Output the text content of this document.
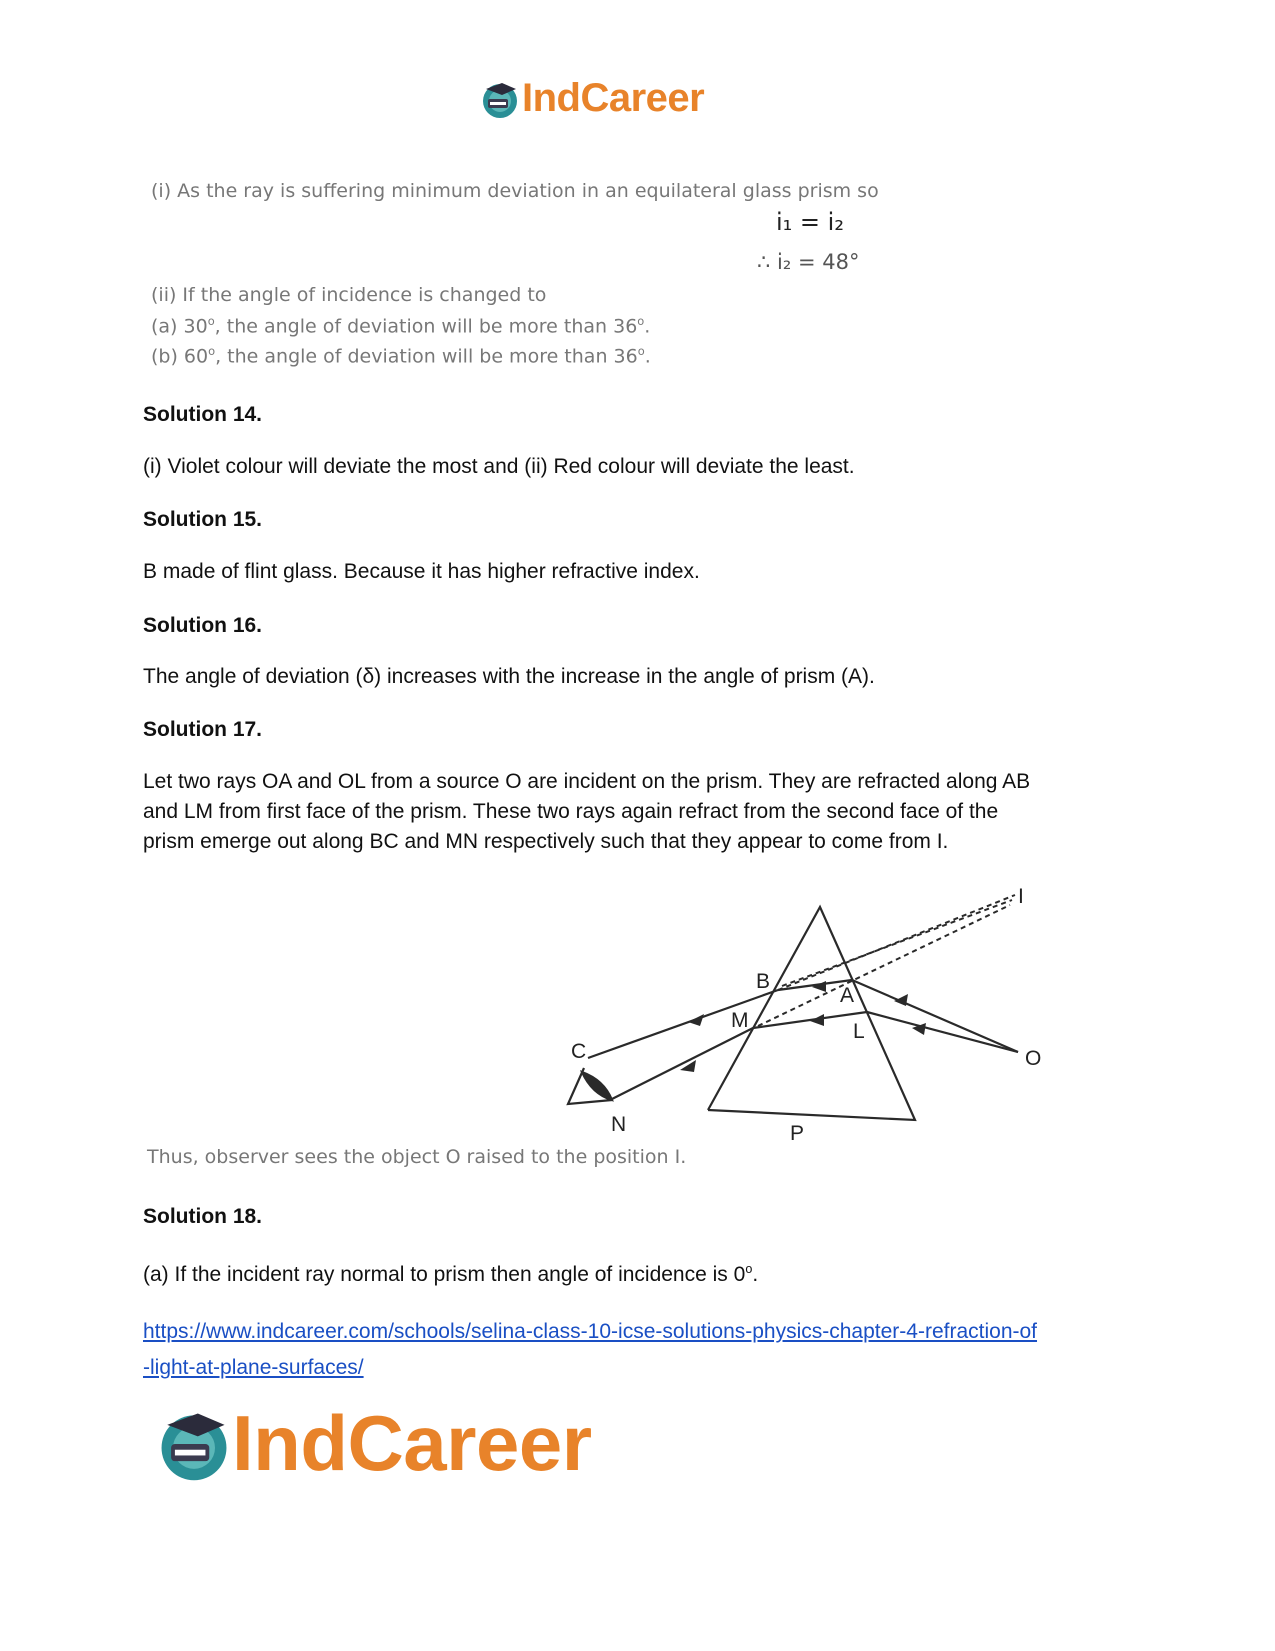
IndCareer
(i) As the ray is suffering minimum deviation in an equilateral glass prism so
i₁ = i₂
∴ i₂ = 48°
(ii) If the angle of incidence is changed to
(a) 30$^o$, the angle of deviation will be more than 36$^o$.
(b) 60$^o$, the angle of deviation will be more than 36$^o$.
Solution 14.
(i) Violet colour will deviate the most and (ii) Red colour will deviate the least.
Solution 15.
B made of flint glass. Because it has higher refractive index.
Solution 16.
The angle of deviation (δ) increases with the increase in the angle of prism (A).
Solution 17.
Let two rays OA and OL from a source O are incident on the prism. They are refracted along AB
and LM from first face of the prism. These two rays again refract from the second face of the
prism emerge out along BC and MN respectively such that they appear to come from I.
I
B
A
M	L
C	O
N	P
Thus, observer sees the object O raised to the position I.
Solution 18.
(a) If the incident ray normal to prism then angle of incidence is 0$^o$.
https://www.indcareer.com/schools/selina-class-10-icse-solutions-physics-chapter-4-refraction-of
-light-at-plane-surfaces/
IndCareer
